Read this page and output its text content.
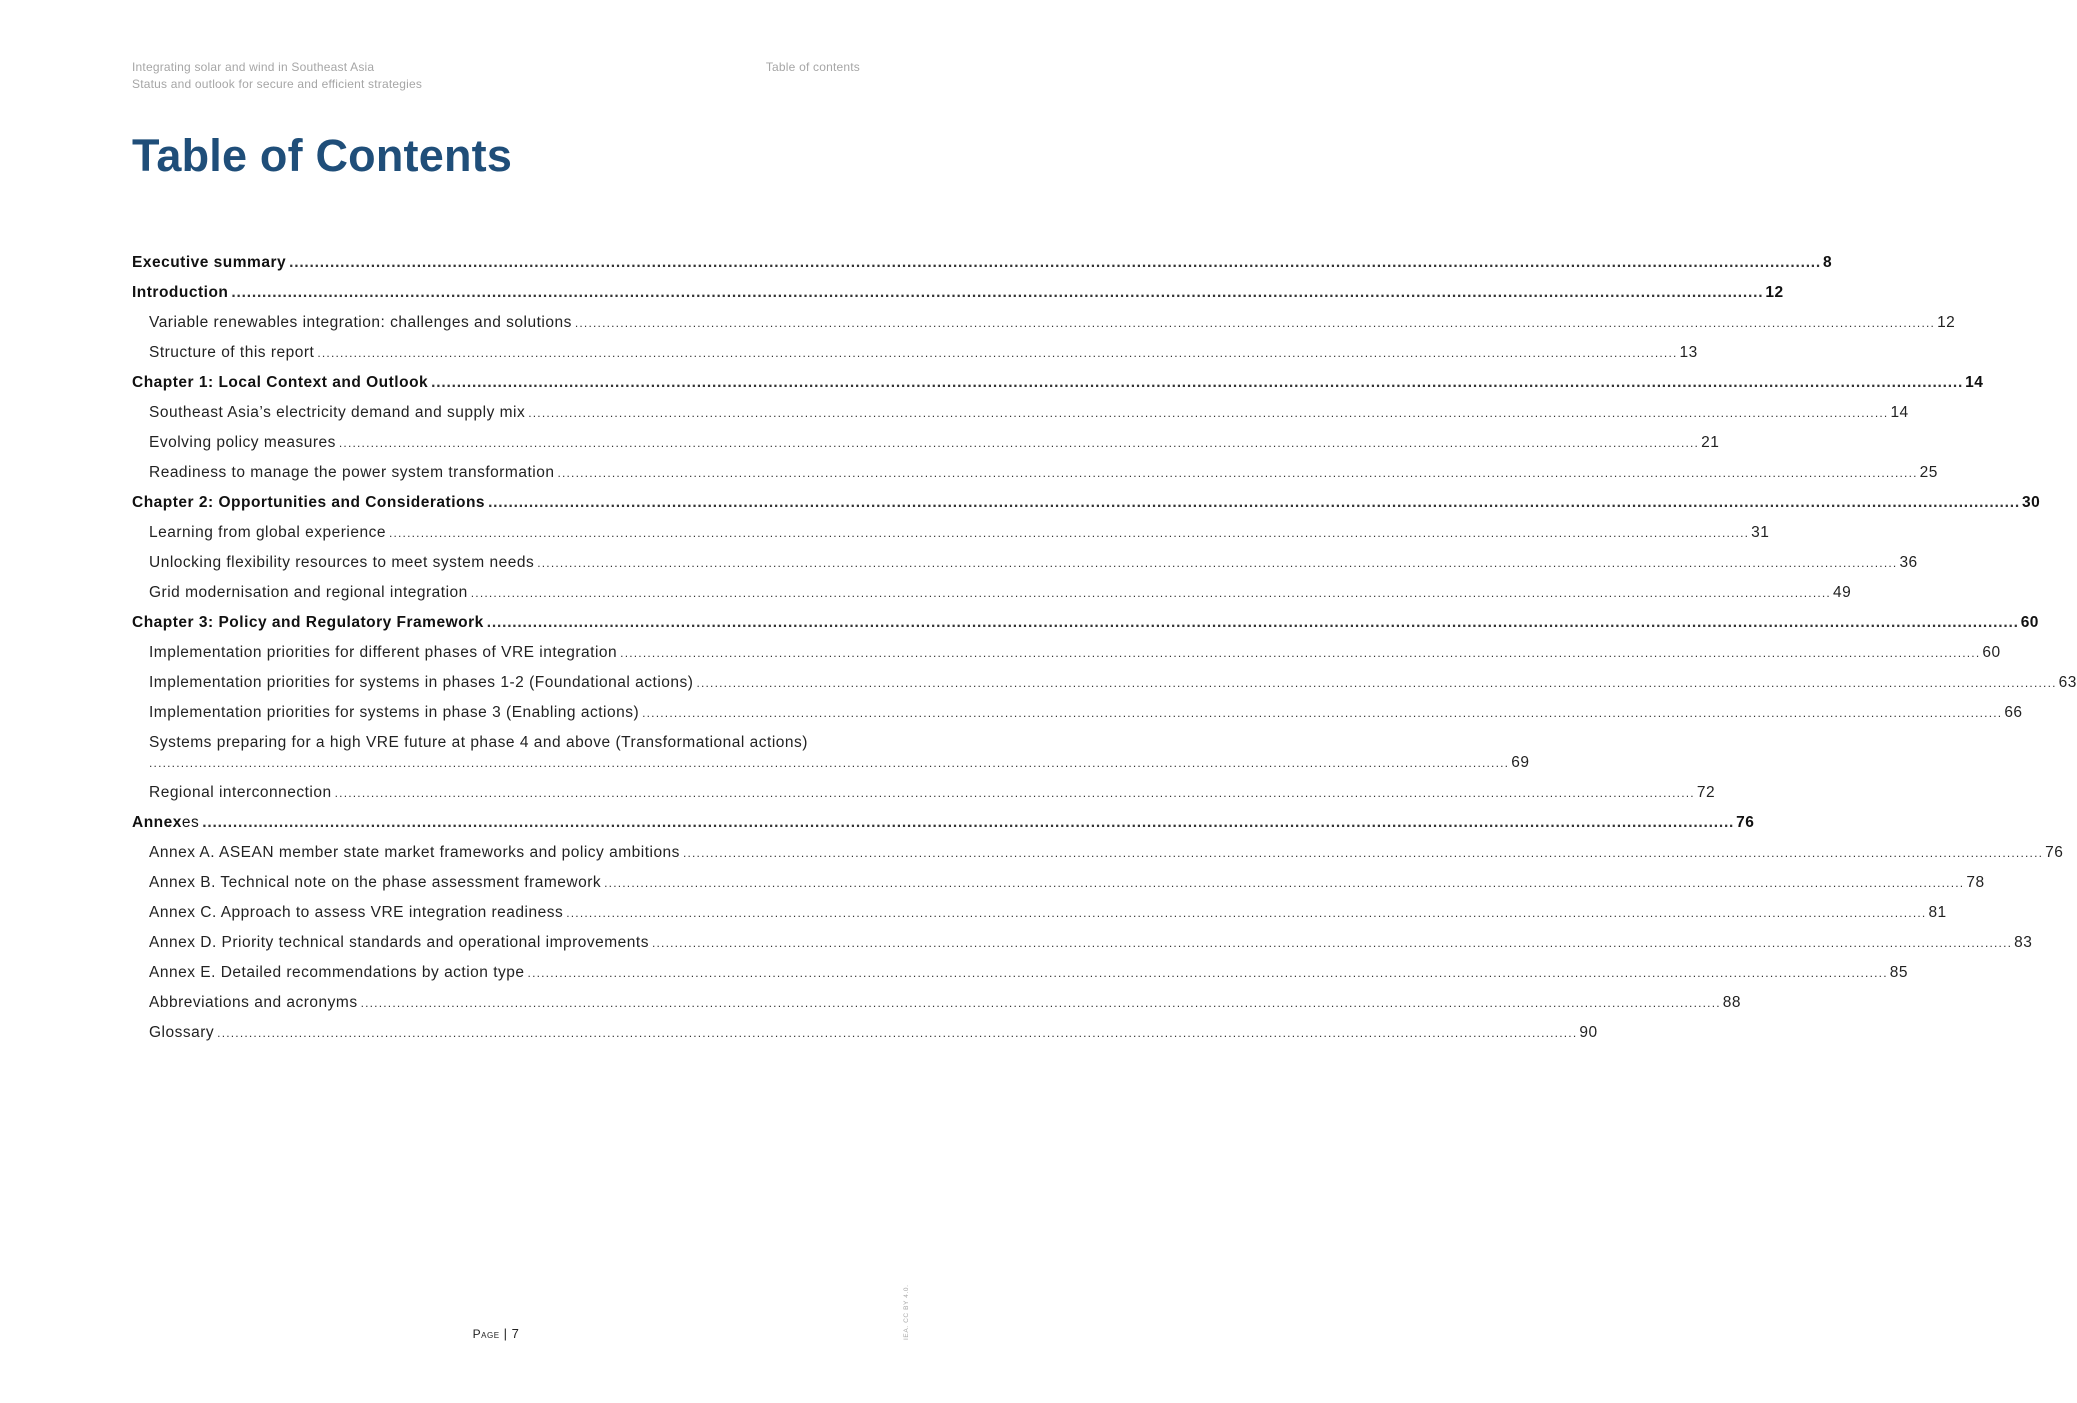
Integrating solar and wind in Southeast Asia
Status and outlook for secure and efficient strategies
Table of contents
Table of Contents
Executive summary ............................................................................................................................................................................................................................................................................................................ 8
Introduction ............................................................................................................................................................................................................................................................................................................ 12
Variable renewables integration: challenges and solutions ............................................................................................................................................................................................................................................................................................................ 12
Structure of this report ............................................................................................................................................................................................................................................................................................................ 13
Chapter 1: Local Context and Outlook ............................................................................................................................................................................................................................................................................................................ 14
Southeast Asia’s electricity demand and supply mix ............................................................................................................................................................................................................................................................................................................ 14
Evolving policy measures ............................................................................................................................................................................................................................................................................................................ 21
Readiness to manage the power system transformation ............................................................................................................................................................................................................................................................................................................ 25
Chapter 2: Opportunities and Considerations ............................................................................................................................................................................................................................................................................................................ 30
Learning from global experience ............................................................................................................................................................................................................................................................................................................ 31
Unlocking flexibility resources to meet system needs ............................................................................................................................................................................................................................................................................................................ 36
Grid modernisation and regional integration ............................................................................................................................................................................................................................................................................................................ 49
Chapter 3: Policy and Regulatory Framework ............................................................................................................................................................................................................................................................................................................ 60
Implementation priorities for different phases of VRE integration ............................................................................................................................................................................................................................................................................................................ 60
Implementation priorities for systems in phases 1-2 (Foundational actions) ............................................................................................................................................................................................................................................................................................................ 63
Implementation priorities for systems in phase 3 (Enabling actions) ............................................................................................................................................................................................................................................................................................................ 66
Systems preparing for a high VRE future at phase 4 and above (Transformational actions)
............................................................................................................................................................................................................................................................................................................ 69
Regional interconnection ............................................................................................................................................................................................................................................................................................................ 72
Annexes ............................................................................................................................................................................................................................................................................................................ 76
Annex A. ASEAN member state market frameworks and policy ambitions ............................................................................................................................................................................................................................................................................................................ 76
Annex B. Technical note on the phase assessment framework ............................................................................................................................................................................................................................................................................................................ 78
Annex C. Approach to assess VRE integration readiness ............................................................................................................................................................................................................................................................................................................ 81
Annex D. Priority technical standards and operational improvements ............................................................................................................................................................................................................................................................................................................ 83
Annex E. Detailed recommendations by action type ............................................................................................................................................................................................................................................................................................................ 85
Abbreviations and acronyms ............................................................................................................................................................................................................................................................................................................ 88
Glossary ............................................................................................................................................................................................................................................................................................................ 90
Page | 7	IEA. CC BY 4.0.
